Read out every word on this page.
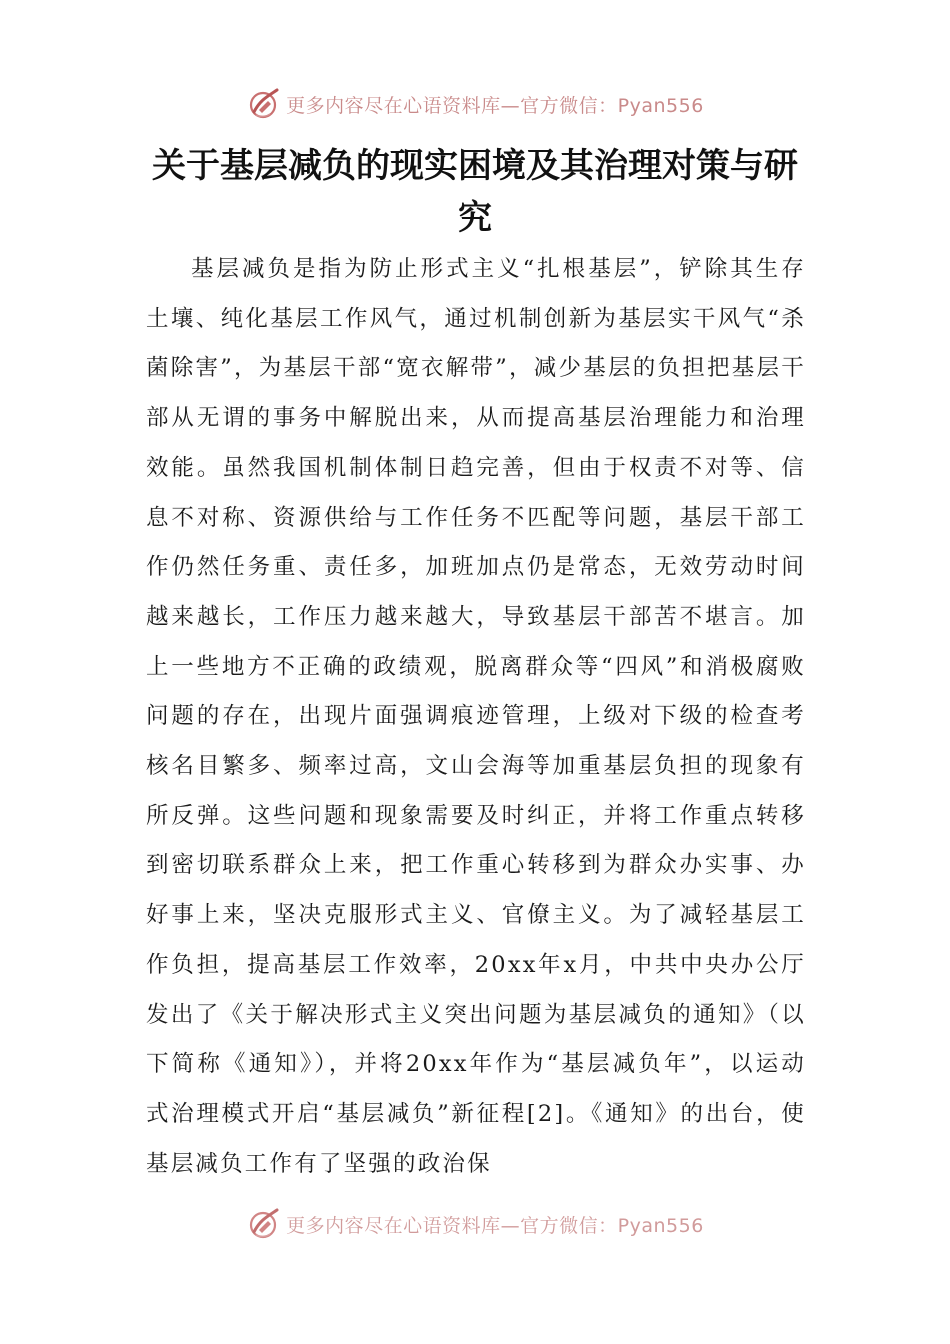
更多内容尽在心语资料库—官方微信：Pyan556
关于基层减负的现实困境及其治理对策与研究

基层减负是指为防止形式主义“扎根基层”，铲除其生存土壤、纯化基层工作风气，通过机制创新为基层实干风气“杀菌除害”，为基层干部“宽衣解带”，减少基层的负担把基层干部从无谓的事务中解脱出来，从而提高基层治理能力和治理效能。虽然我国机制体制日趋完善，但由于权责不对等、信息不对称、资源供给与工作任务不匹配等问题，基层干部工作仍然任务重、责任多，加班加点仍是常态，无效劳动时间越来越长，工作压力越来越大，导致基层干部苦不堪言。加上一些地方不正确的政绩观，脱离群众等“四风”和消极腐败问题的存在，出现片面强调痕迹管理，上级对下级的检查考核名目繁多、频率过高，文山会海等加重基层负担的现象有所反弹。这些问题和现象需要及时纠正，并将工作重点转移到密切联系群众上来，把工作重心转移到为群众办实事、办好事上来，坚决克服形式主义、官僚主义。为了减轻基层工作负担，提高基层工作效率，20xx年x月，中共中央办公厅发出了《关于解决形式主义突出问题为基层减负的通知》（以下简称《通知》），并将20xx年作为“基层减负年”，以运动式治理模式开启“基层减负”新征程[2]。《通知》的出台，使基层减负工作有了坚强的政治保

更多内容尽在心语资料库—官方微信：Pyan556
